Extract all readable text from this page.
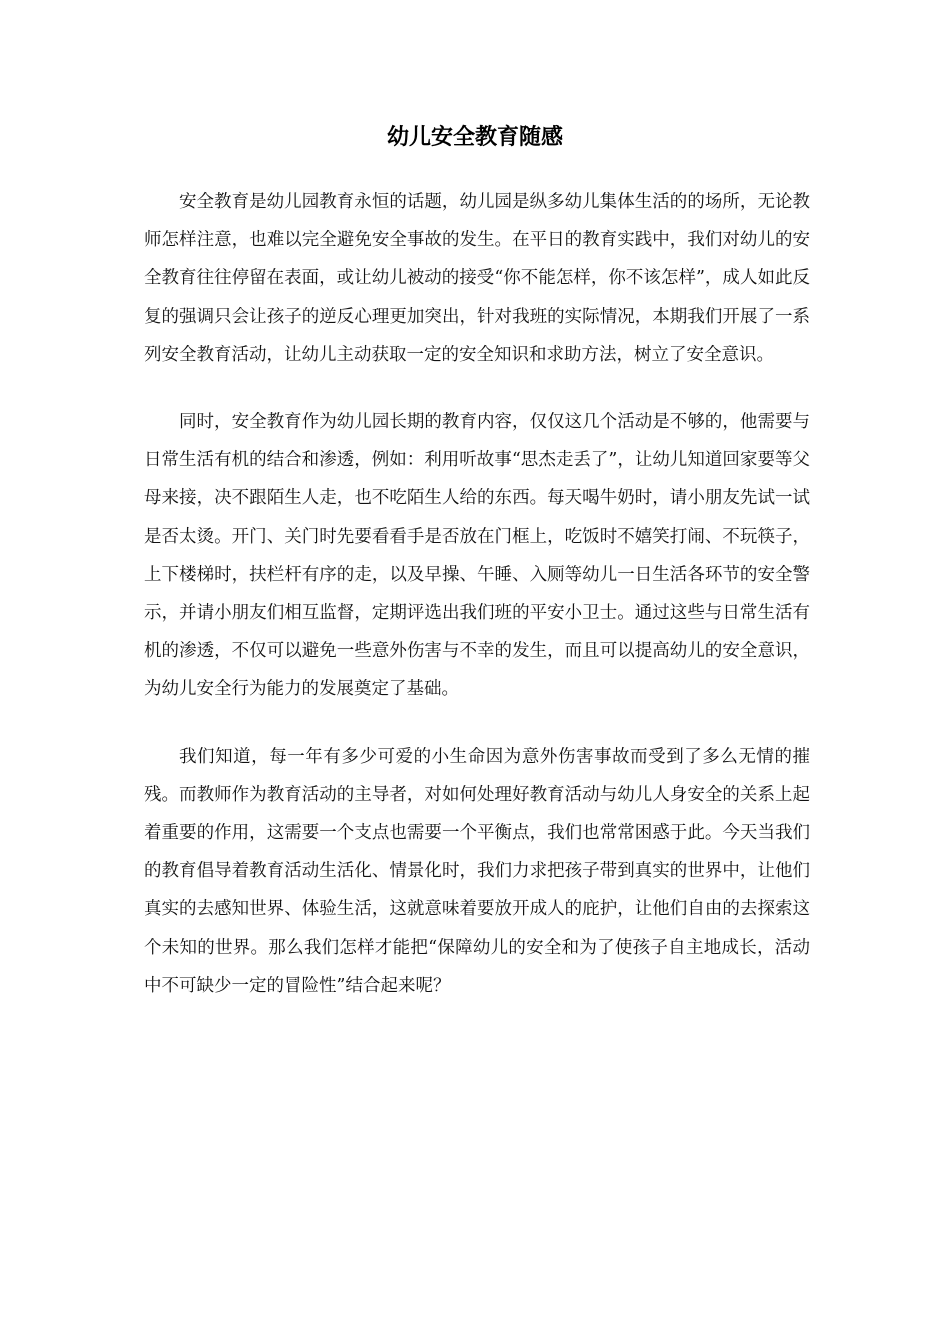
幼儿安全教育随感

安全教育是幼儿园教育永恒的话题，幼儿园是纵多幼儿集体生活的的场所，无论教师怎样注意，也难以完全避免安全事故的发生。在平日的教育实践中，我们对幼儿的安全教育往往停留在表面，或让幼儿被动的接受“你不能怎样，你不该怎样”，成人如此反复的强调只会让孩子的逆反心理更加突出，针对我班的实际情况，本期我们开展了一系列安全教育活动，让幼儿主动获取一定的安全知识和求助方法，树立了安全意识。

同时，安全教育作为幼儿园长期的教育内容，仅仅这几个活动是不够的，他需要与日常生活有机的结合和渗透，例如：利用听故事“思杰走丢了”，让幼儿知道回家要等父母来接，决不跟陌生人走，也不吃陌生人给的东西。每天喝牛奶时，请小朋友先试一试是否太烫。开门、关门时先要看看手是否放在门框上，吃饭时不嬉笑打闹、不玩筷子，上下楼梯时，扶栏杆有序的走，以及早操、午睡、入厕等幼儿一日生活各环节的安全警示，并请小朋友们相互监督，定期评选出我们班的平安小卫士。通过这些与日常生活有机的渗透，不仅可以避免一些意外伤害与不幸的发生，而且可以提高幼儿的安全意识，为幼儿安全行为能力的发展奠定了基础。

我们知道，每一年有多少可爱的小生命因为意外伤害事故而受到了多么无情的摧残。而教师作为教育活动的主导者，对如何处理好教育活动与幼儿人身安全的关系上起着重要的作用，这需要一个支点也需要一个平衡点，我们也常常困惑于此。今天当我们的教育倡导着教育活动生活化、情景化时，我们力求把孩子带到真实的世界中，让他们真实的去感知世界、体验生活，这就意味着要放开成人的庇护，让他们自由的去探索这个未知的世界。那么我们怎样才能把“保障幼儿的安全和为了使孩子自主地成长，活动中不可缺少一定的冒险性”结合起来呢？
